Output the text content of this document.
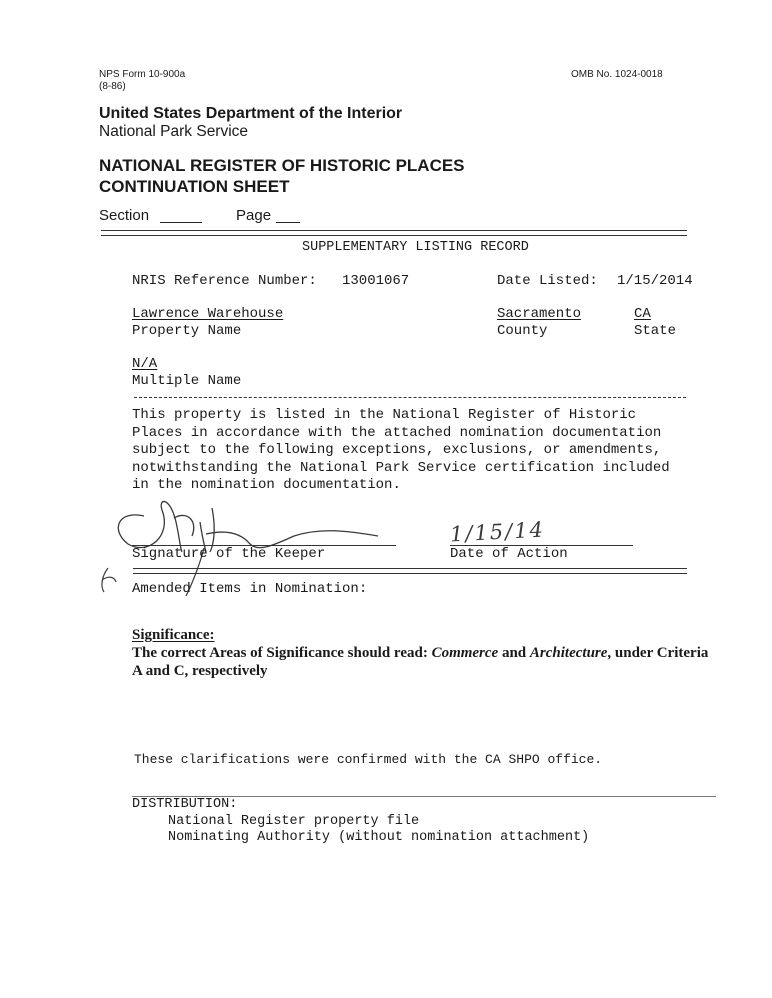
NPS Form 10-900a
(8-86)
OMB No. 1024-0018
United States Department of the Interior
National Park Service
NATIONAL REGISTER OF HISTORIC PLACES
CONTINUATION SHEET
Section	Page
SUPPLEMENTARY LISTING RECORD
NRIS Reference Number: 13001067	Date Listed: 1/15/2014
Lawrence Warehouse
Property Name
Sacramento
County
CA
State
N/A
Multiple Name
This property is listed in the National Register of Historic
Places in accordance with the attached nomination documentation
subject to the following exceptions, exclusions, or amendments,
notwithstanding the National Park Service certification included
in the nomination documentation.
Signature of the Keeper
1/15/14
Date of Action
Amended Items in Nomination:
Significance:
The correct Areas of Significance should read: Commerce and Architecture, under Criteria
A and C, respectively
These clarifications were confirmed with the CA SHPO office.
DISTRIBUTION:
National Register property file
Nominating Authority (without nomination attachment)
